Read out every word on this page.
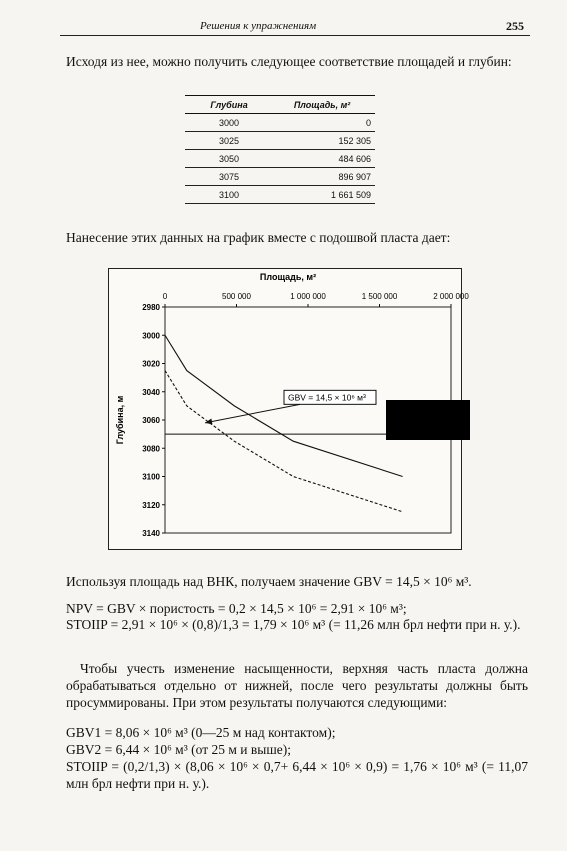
Решения к упражнениям	255

Исходя из нее, можно получить следующее соответствие площадей и глубин:

Глубина	Площадь, м²
3000	0
3025	152 305
3050	484 606
3075	896 907
3100	1 661 509

Нанесение этих данных на график вместе с подошвой пласта дает:

Площадь, м²
Глубина, м
0	500 000	1 000 000	1 500 000	2 000 000
2980
3000
3020
3040
3060
3080
3100
3120
3140
GBV = 14,5 × 10⁶ м³

Используя площадь над ВНК, получаем значение GBV = 14,5 × 10⁶ м³.

NPV = GBV × пористость = 0,2 × 14,5 × 10⁶ = 2,91 × 10⁶ м³;

STOIIP = 2,91 × 10⁶ × (0,8)/1,3 = 1,79 × 10⁶ м³ (= 11,26 млн брл нефти при н. у.).

Чтобы учесть изменение насыщенности, верхняя часть пласта должна обрабатываться отдельно от нижней, после чего результаты должны быть просуммированы. При этом результаты получаются следующими:

GBV1 = 8,06 × 10⁶ м³ (0—25 м над контактом);

GBV2 = 6,44 × 10⁶ м³ (от 25 м и выше);

STOIIP = (0,2/1,3) × (8,06 × 10⁶ × 0,7+ 6,44 × 10⁶ × 0,9) = 1,76 × 10⁶ м³ (= 11,07 млн брл нефти при н. у.).
